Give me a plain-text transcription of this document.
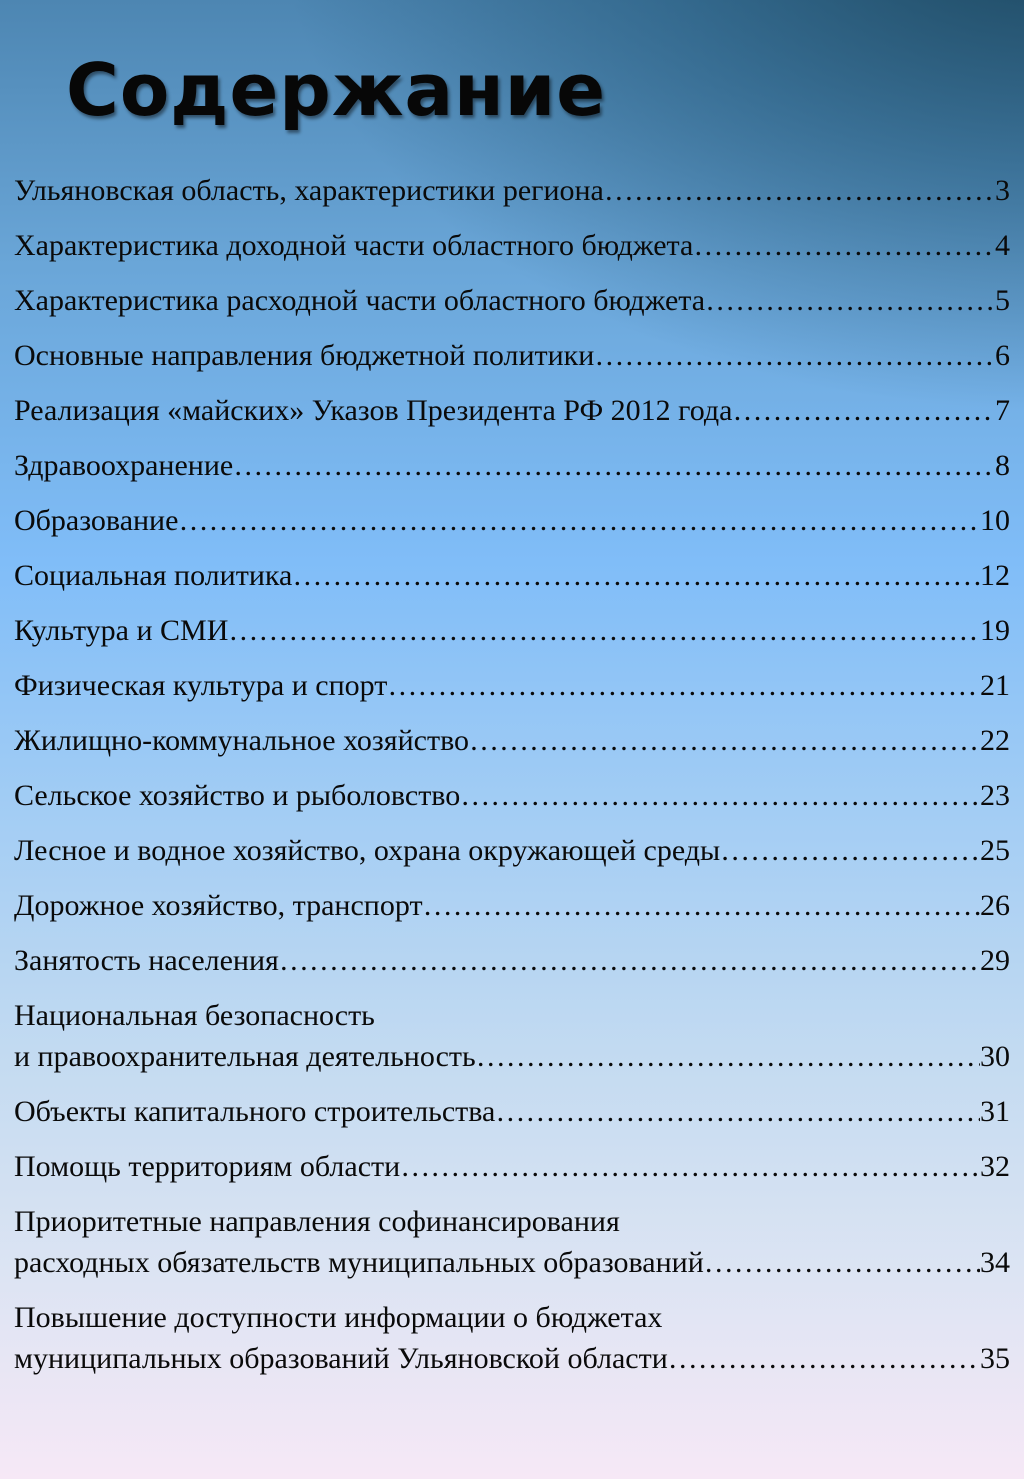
Содержание
Ульяновская область, характеристики региона ……………………………………………………………………………………………………………………………………………………………………	3
Характеристика доходной части областного бюджета ……………………………………………………………………………………………………………………………………………………………………	4
Характеристика расходной части областного бюджета ……………………………………………………………………………………………………………………………………………………………………	5
Основные направления бюджетной политики ……………………………………………………………………………………………………………………………………………………………………	6
Реализация «майских» Указов Президента РФ 2012 года ……………………………………………………………………………………………………………………………………………………………………	7
Здравоохранение ……………………………………………………………………………………………………………………………………………………………………	8
Образование ……………………………………………………………………………………………………………………………………………………………………	10
Социальная политика ……………………………………………………………………………………………………………………………………………………………………	12
Культура и СМИ ……………………………………………………………………………………………………………………………………………………………………	19
Физическая культура и спорт ……………………………………………………………………………………………………………………………………………………………………	21
Жилищно-коммунальное хозяйство ……………………………………………………………………………………………………………………………………………………………………	22
Сельское хозяйство и рыболовство ……………………………………………………………………………………………………………………………………………………………………	23
Лесное и водное хозяйство, охрана окружающей среды ……………………………………………………………………………………………………………………………………………………………………	25
Дорожное хозяйство, транспорт ……………………………………………………………………………………………………………………………………………………………………	26
Занятость населения ……………………………………………………………………………………………………………………………………………………………………	29
Национальная безопасность
и правоохранительная деятельность ……………………………………………………………………………………………………………………………………………………………………	30
Объекты капитального строительства ……………………………………………………………………………………………………………………………………………………………………	31
Помощь территориям области ……………………………………………………………………………………………………………………………………………………………………	32
Приоритетные направления софинансирования
расходных обязательств муниципальных образований ……………………………………………………………………………………………………………………………………………………………………	34
Повышение доступности информации о бюджетах
муниципальных образований Ульяновской области ……………………………………………………………………………………………………………………………………………………………………	35
